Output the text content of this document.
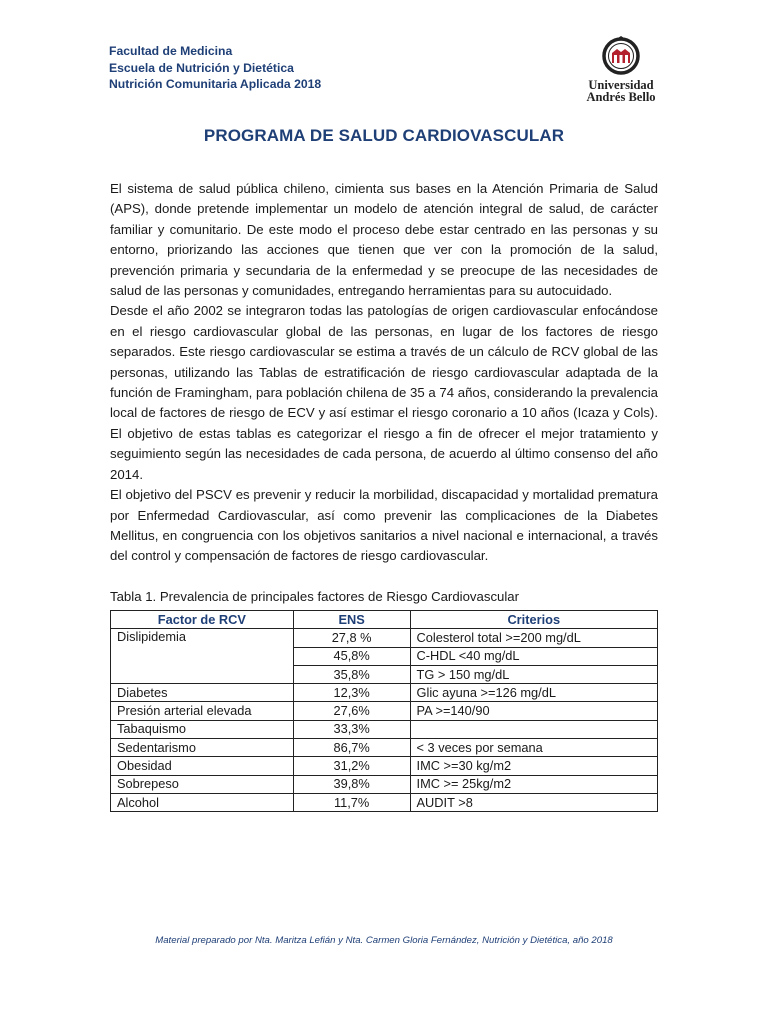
Facultad de Medicina
Escuela de Nutrición y Dietética
Nutrición Comunitaria Aplicada 2018	Universidad
Andrés Bello
PROGRAMA DE SALUD CARDIOVASCULAR

El sistema de salud pública chileno, cimienta sus bases en la Atención Primaria de Salud (APS), donde pretende implementar un modelo de atención integral de salud, de carácter familiar y comunitario. De este modo el proceso debe estar centrado en las personas y su entorno, priorizando las acciones que tienen que ver con la promoción de la salud, prevención primaria y secundaria de la enfermedad y se preocupe de las necesidades de salud de las personas y comunidades, entregando herramientas para su autocuidado.

Desde el año 2002 se integraron todas las patologías de origen cardiovascular enfocándose en el riesgo cardiovascular global de las personas, en lugar de los factores de riesgo separados. Este riesgo cardiovascular se estima a través de un cálculo de RCV global de las personas, utilizando las Tablas de estratificación de riesgo cardiovascular adaptada de la función de Framingham, para población chilena de 35 a 74 años, considerando la prevalencia local de factores de riesgo de ECV y así estimar el riesgo coronario a 10 años (Icaza y Cols). El objetivo de estas tablas es categorizar el riesgo a fin de ofrecer el mejor tratamiento y seguimiento según las necesidades de cada persona, de acuerdo al último consenso del año 2014.

El objetivo del PSCV es prevenir y reducir la morbilidad, discapacidad y mortalidad prematura por Enfermedad Cardiovascular, así como prevenir las complicaciones de la Diabetes Mellitus, en congruencia con los objetivos sanitarios a nivel nacional e internacional, a través del control y compensación de factores de riesgo cardiovascular.

Tabla 1. Prevalencia de principales factores de Riesgo Cardiovascular
Factor de RCV	ENS	Criterios
Dislipidemia	27,8 %	Colesterol total >=200 mg/dL
	45,8%	C-HDL <40 mg/dL
	35,8%	TG > 150 mg/dL
Diabetes	12,3%	Glic ayuna >=126 mg/dL
Presión arterial elevada	27,6%	PA >=140/90
Tabaquismo	33,3%	
Sedentarismo	86,7%	< 3 veces por semana
Obesidad	31,2%	IMC >=30 kg/m2
Sobrepeso	39,8%	IMC >= 25kg/m2
Alcohol	11,7%	AUDIT >8
Material preparado por Nta. Maritza Lefián y Nta. Carmen Gloria Fernández, Nutrición y Dietética, año 2018
